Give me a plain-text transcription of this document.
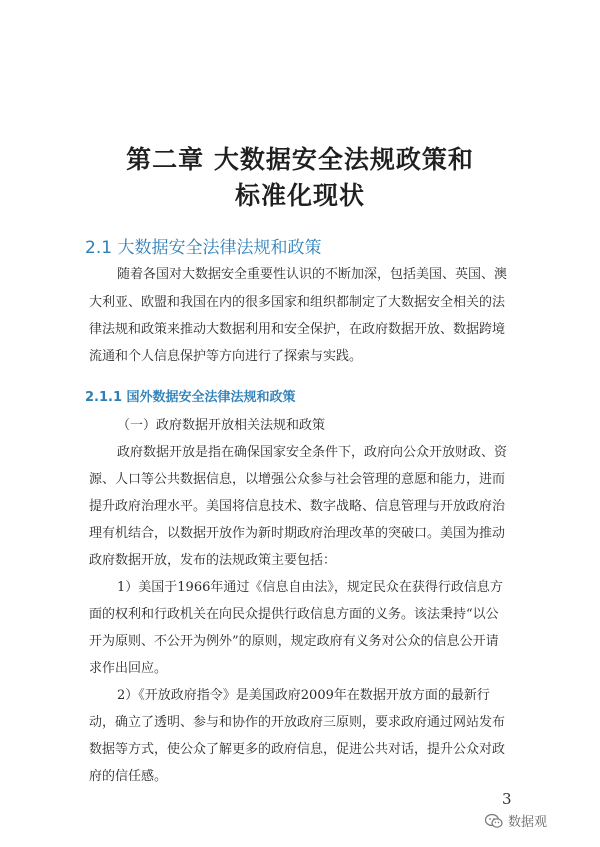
第二章 大数据安全法规政策和
标准化现状
2.1 大数据安全法律法规和政策
随着各国对大数据安全重要性认识的不断加深，包括美国、英国、澳
大利亚、欧盟和我国在内的很多国家和组织都制定了大数据安全相关的法
律法规和政策来推动大数据利用和安全保护，在政府数据开放、数据跨境
流通和个人信息保护等方向进行了探索与实践。
2.1.1 国外数据安全法律法规和政策
（一）政府数据开放相关法规和政策
政府数据开放是指在确保国家安全条件下，政府向公众开放财政、资
源、人口等公共数据信息，以增强公众参与社会管理的意愿和能力，进而
提升政府治理水平。美国将信息技术、数字战略、信息管理与开放政府治
理有机结合，以数据开放作为新时期政府治理改革的突破口。美国为推动
政府数据开放，发布的法规政策主要包括：
1）美国于1966年通过《信息自由法》，规定民众在获得行政信息方
面的权利和行政机关在向民众提供行政信息方面的义务。该法秉持“以公
开为原则、不公开为例外”的原则，规定政府有义务对公众的信息公开请
求作出回应。
2）《开放政府指令》是美国政府2009年在数据开放方面的最新行
动，确立了透明、参与和协作的开放政府三原则，要求政府通过网站发布
数据等方式，使公众了解更多的政府信息，促进公共对话，提升公众对政
府的信任感。
3
数据观
